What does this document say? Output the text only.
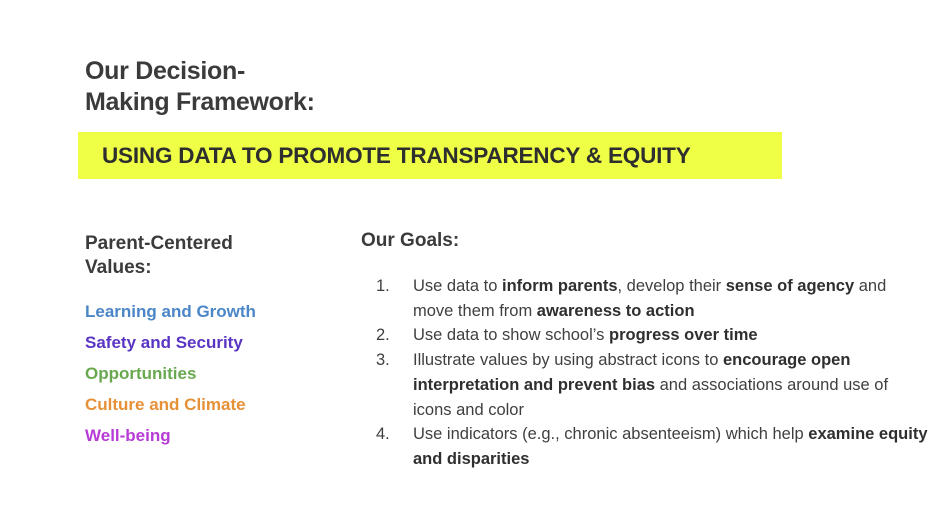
Our Decision-
Making Framework:
USING DATA TO PROMOTE TRANSPARENCY & EQUITY
Parent-Centered
Values:
Learning and Growth
Safety and Security
Opportunities
Culture and Climate
Well-being
Our Goals:
1. Use data to inform parents, develop their sense of agency and move them from awareness to action
2. Use data to show school’s progress over time
3. Illustrate values by using abstract icons to encourage open interpretation and prevent bias and associations around use of icons and color
4. Use indicators (e.g., chronic absenteeism) which help examine equity and disparities
